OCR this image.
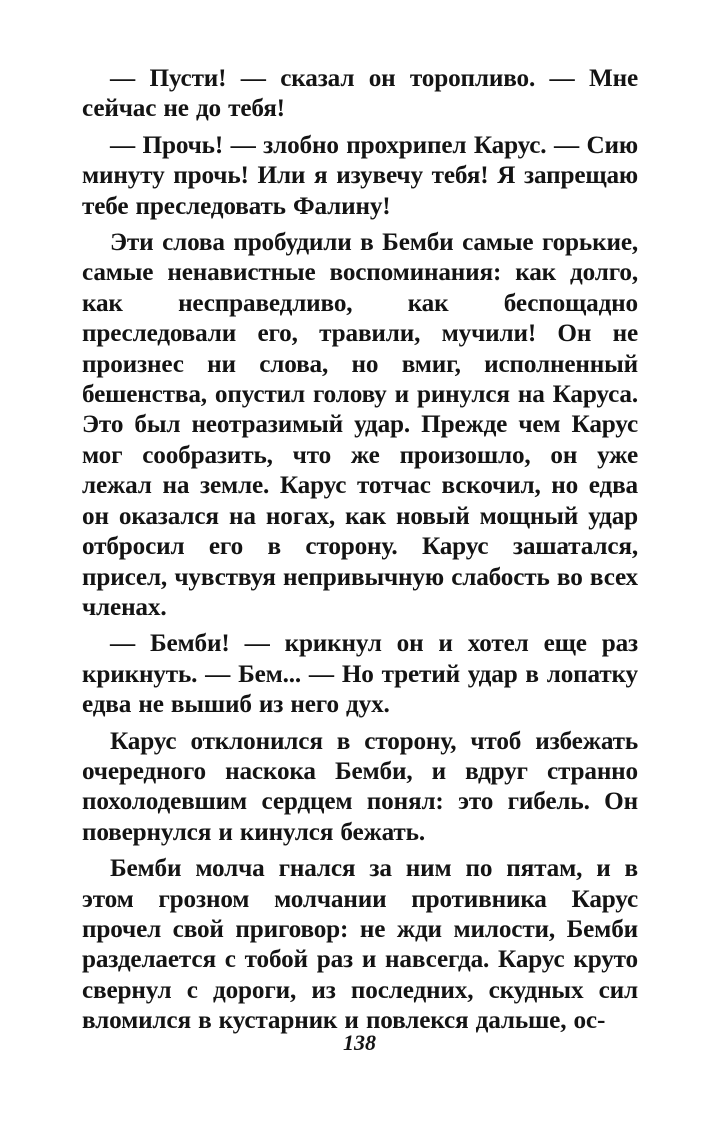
— Пусти! — сказал он торопливо. — Мне сейчас не до тебя!

— Прочь! — злобно прохрипел Карус. — Сию минуту прочь! Или я изувечу тебя! Я запрещаю тебе преследовать Фалину!

Эти слова пробудили в Бемби самые горькие, самые ненавистные воспоминания: как долго, как несправедливо, как беспощадно преследовали его, травили, мучили! Он не произнес ни слова, но вмиг, исполненный бешенства, опустил голову и ринулся на Каруса. Это был неотразимый удар. Прежде чем Карус мог сообразить, что же произошло, он уже лежал на земле. Карус тотчас вскочил, но едва он оказался на ногах, как новый мощный удар отбросил его в сторону. Карус зашатался, присел, чувствуя непривычную слабость во всех членах.

— Бемби! — крикнул он и хотел еще раз крикнуть. — Бем... — Но третий удар в лопатку едва не вышиб из него дух.

Карус отклонился в сторону, чтоб избежать очередного наскока Бемби, и вдруг странно похолодевшим сердцем понял: это гибель. Он повернулся и кинулся бежать.

Бемби молча гнался за ним по пятам, и в этом грозном молчании противника Карус прочел свой приговор: не жди милости, Бемби разделается с тобой раз и навсегда. Карус круто свернул с дороги, из последних, скудных сил вломился в кустарник и повлекся дальше, ос-

138
